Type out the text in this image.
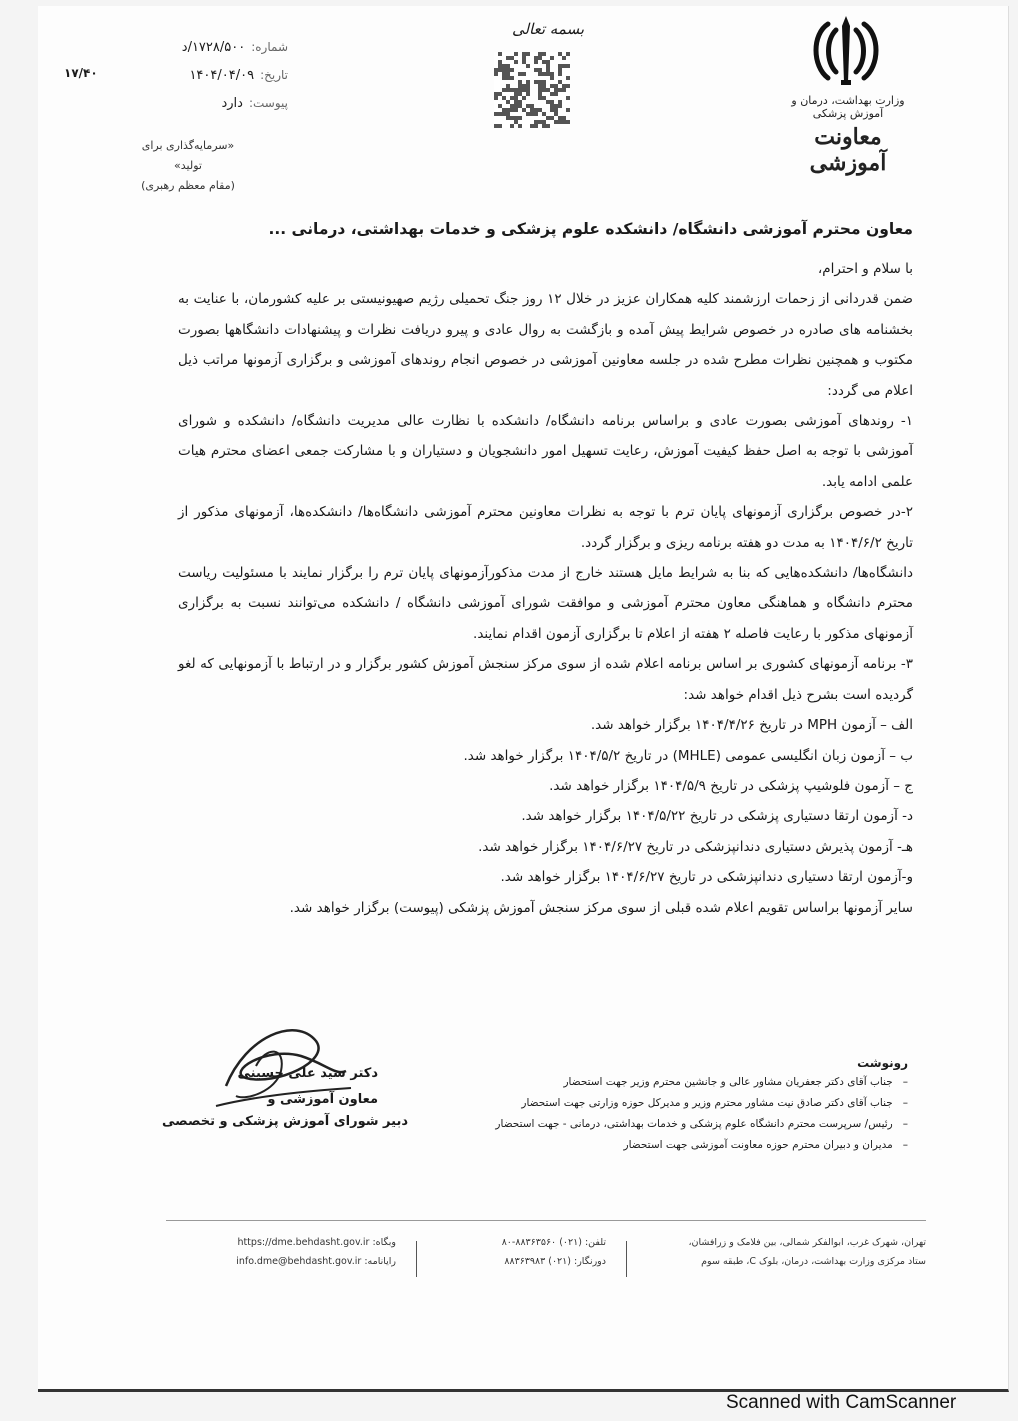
وزارت بهداشت، درمان و آموزش پزشکی
معاونت آموزشی
بسمه تعالی
شماره:۱۷۲۸/۵۰۰/د
تاریخ:۱۴۰۴/۰۴/۰۹
پیوست:دارد
۱۷/۴۰
«سرمایه‌گذاری برای تولید»
(مقام معظم رهبری)
معاون محترم آموزشی دانشگاه/ دانشکده علوم پزشکی و خدمات بهداشتی، درمانی ...

با سلام و احترام،

ضمن قدردانی از زحمات ارزشمند کلیه همکاران عزیز در خلال ۱۲ روز جنگ تحمیلی رژیم صهیونیستی بر علیه کشورمان، با عنایت به بخشنامه های صادره در خصوص شرایط پیش آمده و بازگشت به روال عادی و پیرو دریافت نظرات و پیشنهادات دانشگاهها بصورت مکتوب و همچنین نظرات مطرح شده در جلسه معاونین آموزشی در خصوص انجام روندهای آموزشی و برگزاری آزمونها مراتب ذیل اعلام می گردد:

۱- روندهای آموزشی بصورت عادی و براساس برنامه دانشگاه/ دانشکده با نظارت عالی مدیریت دانشگاه/ دانشکده و شورای آموزشی با توجه به اصل حفظ کیفیت آموزش، رعایت تسهیل امور دانشجویان و دستیاران و با مشارکت جمعی اعضای محترم هیات علمی ادامه یابد.

۲-در خصوص برگزاری آزمونهای پایان ترم با توجه به نظرات معاونین محترم آموزشی دانشگاه‌ها/ دانشکده‌ها، آزمونهای مذکور از تاریخ ۱۴۰۴/۶/۲ به مدت دو هفته برنامه ریزی و برگزار گردد.

دانشگاه‌ها/ دانشکده‌هایی که بنا به شرایط مایل هستند خارج از مدت مذکورآزمونهای پایان ترم را برگزار نمایند با مسئولیت ریاست محترم دانشگاه و هماهنگی معاون محترم آموزشی و موافقت شورای آموزشی دانشگاه / دانشکده می‌توانند نسبت به برگزاری آزمونهای مذکور با رعایت فاصله ۲ هفته از اعلام تا برگزاری آزمون اقدام نمایند.

۳- برنامه آزمونهای کشوری بر اساس برنامه اعلام شده از سوی مرکز سنجش آموزش کشور برگزار و در ارتباط با آزمونهایی که لغو گردیده است بشرح ذیل اقدام خواهد شد:

الف – آزمون MPH در تاریخ ۱۴۰۴/۴/۲۶ برگزار خواهد شد.

ب – آزمون زبان انگلیسی عمومی (MHLE) در تاریخ ۱۴۰۴/۵/۲ برگزار خواهد شد.

ج – آزمون فلوشیپ پزشکی در تاریخ ۱۴۰۴/۵/۹ برگزار خواهد شد.

د- آزمون ارتقا دستیاری پزشکی در تاریخ ۱۴۰۴/۵/۲۲ برگزار خواهد شد.

هـ- آزمون پذیرش دستیاری دندانپزشکی در تاریخ ۱۴۰۴/۶/۲۷ برگزار خواهد شد.

و-آزمون ارتقا دستیاری دندانپزشکی در تاریخ ۱۴۰۴/۶/۲۷ برگزار خواهد شد.

سایر آزمونها براساس تقویم اعلام شده قبلی از سوی مرکز سنجش آموزش پزشکی (پیوست) برگزار خواهد شد.

دکتر سید علی حسینی
معاون آموزشی و
دبیر شورای آموزش پزشکی و تخصصی
رونوشت
– جناب آقای دکتر جعفریان مشاور عالی و جانشین محترم وزیر جهت استحضار
– جناب آقای دکتر صادق نیت مشاور محترم وزیر و مدیرکل حوزه وزارتی جهت استحضار
– رئیس/ سرپرست محترم دانشگاه علوم پزشکی و خدمات بهداشتی، درمانی - جهت استحضار
– مدیران و دبیران محترم حوزه معاونت آموزشی جهت استحضار
وبگاه: https://dme.behdasht.gov.ir
رایانامه: info.dme@behdasht.gov.ir
تلفن: (۰۲۱) ۸۸۳۶۳۵۶۰-۸۰
دورنگار: (۰۲۱) ۸۸۳۶۳۹۸۳
تهران، شهرک غرب، ابوالفکر شمالی، بین فلامک و زرافشان،
ستاد مرکزی وزارت بهداشت، درمان، بلوک C، طبقه سوم
Scanned with CamScanner
